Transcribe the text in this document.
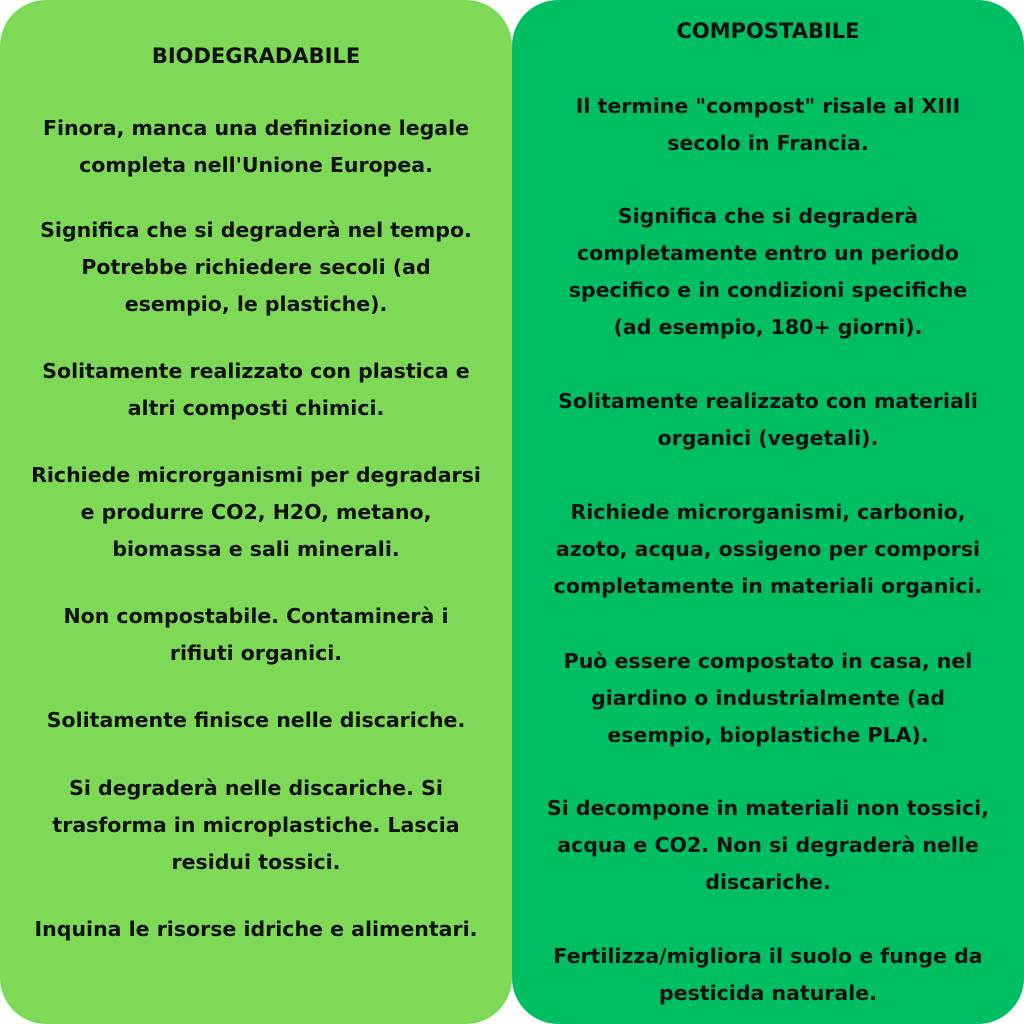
BIODEGRADABILE

Finora, manca una definizione legale
completa nell'Unione Europea.

Significa che si degraderà nel tempo.
Potrebbe richiedere secoli (ad
esempio, le plastiche).

Solitamente realizzato con plastica e
altri composti chimici.

Richiede microrganismi per degradarsi
e produrre CO2, H2O, metano,
biomassa e sali minerali.

Non compostabile. Contaminerà i
rifiuti organici.

Solitamente finisce nelle discariche.

Si degraderà nelle discariche. Si
trasforma in microplastiche. Lascia
residui tossici.

Inquina le risorse idriche e alimentari.

COMPOSTABILE

Il termine "compost" risale al XIII
secolo in Francia.

Significa che si degraderà
completamente entro un periodo
specifico e in condizioni specifiche
(ad esempio, 180+ giorni).

Solitamente realizzato con materiali
organici (vegetali).

Richiede microrganismi, carbonio,
azoto, acqua, ossigeno per comporsi
completamente in materiali organici.

Può essere compostato in casa, nel
giardino o industrialmente (ad
esempio, bioplastiche PLA).

Si decompone in materiali non tossici,
acqua e CO2. Non si degraderà nelle
discariche.

Fertilizza/migliora il suolo e funge da
pesticida naturale.
